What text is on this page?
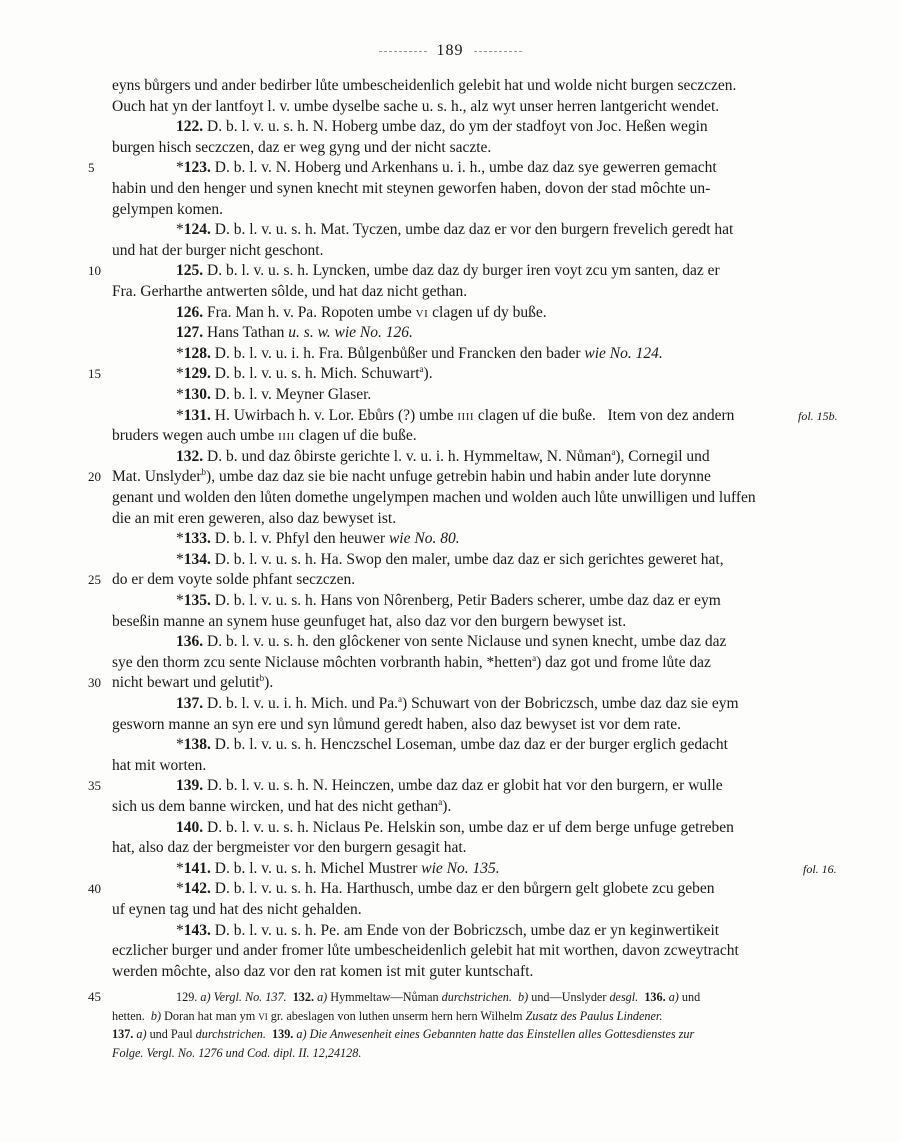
189
eyns bůrgers und ander bedirber lůte umbescheidenlich gelebit hat und wolde nicht burgen seczczen.
Ouch hat yn der lantfoyt l. v. umbe dyselbe sache u. s. h., alz wyt unser herren lantgericht wendet.
122. D. b. l. v. u. s. h. N. Hoberg umbe daz, do ym der stadfoyt von Joc. Heßen wegin
burgen hisch seczczen, daz er weg gyng und der nicht saczte.
*123. D. b. l. v. N. Hoberg und Arkenhans u. i. h., umbe daz daz sye gewerren gemacht
5
habin und den henger und synen knecht mit steynen geworfen haben, dovon der stad môchte un-
gelympen komen.
*124. D. b. l. v. u. s. h. Mat. Tyczen, umbe daz daz er vor den burgern frevelich geredt hat
und hat der burger nicht geschont.
125. D. b. l. v. u. s. h. Lyncken, umbe daz daz dy burger iren voyt zcu ym santen, daz er
10
Fra. Gerharthe antwerten sôlde, und hat daz nicht gethan.
126. Fra. Man h. v. Pa. Ropoten umbe VI clagen uf dy buße.
127. Hans Tathan u. s. w. wie No. 126.
*128. D. b. l. v. u. i. h. Fra. Bůlgenbůßer und Francken den bader wie No. 124.
*129. D. b. l. v. u. s. h. Mich. Schuwart$^a$).
15
*130. D. b. l. v. Meyner Glaser.
*131. H. Uwirbach h. v. Lor. Ebůrs (?) umbe IIII clagen uf die buße.   Item von dez andern
bruders wegen auch umbe IIII clagen uf die buße.
132. D. b. und daz ôbirste gerichte l. v. u. i. h. Hymmeltaw, N. Nůman$^a$), Cornegil und
Mat. Unslyder$^b$), umbe daz daz sie bie nacht unfuge getrebin habin und habin ander lute dorynne
20
genant und wolden den lůten domethe ungelympen machen und wolden auch lůte unwilligen und luffen
die an mit eren geweren, also daz bewyset ist.
*133. D. b. l. v. Phfyl den heuwer wie No. 80.
*134. D. b. l. v. u. s. h. Ha. Swop den maler, umbe daz daz er sich gerichtes geweret hat,
do er dem voyte solde phfant seczczen.
25
*135. D. b. l. v. u. s. h. Hans von Nôrenberg, Petir Baders scherer, umbe daz daz er eym
beseßin manne an synem huse geunfuget hat, also daz vor den burgern bewyset ist.
136. D. b. l. v. u. s. h. den glôckener von sente Niclause und synen knecht, umbe daz daz
sye den thorm zcu sente Niclause môchten vorbranth habin, *hetten$^a$) daz got und frome lůte daz
nicht bewart und gelutit$^b$).
30
137. D. b. l. v. u. i. h. Mich. und Pa.$^a$) Schuwart von der Bobriczsch, umbe daz daz sie eym
gesworn manne an syn ere und syn lůmund geredt haben, also daz bewyset ist vor dem rate.
*138. D. b. l. v. u. s. h. Henczschel Loseman, umbe daz daz er der burger erglich gedacht
hat mit worten.
139. D. b. l. v. u. s. h. N. Heinczen, umbe daz daz er globit hat vor den burgern, er wulle
35
sich us dem banne wircken, und hat des nicht gethan$^a$).
140. D. b. l. v. u. s. h. Niclaus Pe. Helskin son, umbe daz er uf dem berge unfuge getreben
hat, also daz der bergmeister vor den burgern gesagit hat.
*141. D. b. l. v. u. s. h. Michel Mustrer wie No. 135.
*142. D. b. l. v. u. s. h. Ha. Harthusch, umbe daz er den bůrgern gelt globete zcu geben
40
uf eynen tag und hat des nicht gehalden.
*143. D. b. l. v. u. s. h. Pe. am Ende von der Bobriczsch, umbe daz er yn keginwertikeit
eczlicher burger und ander fromer lůte umbescheidenlich gelebit hat mit worthen, davon zcweytracht
werden môchte, also daz vor den rat komen ist mit guter kuntschaft.
fol. 15b.
fol. 16.
129. a) Vergl. No. 137. 132. a) Hymmeltaw—Nůman durchstrichen. b) und—Unslyder desgl. 136. a) und
45
hetten.  b) Doran hat man ym VI gr. abeslagen von luthen unserm hern hern Wilhelm Zusatz des Paulus Lindener.
137. a) und Paul durchstrichen. 139. a) Die Anwesenheit eines Gebannten hatte das Einstellen alles Gottesdienstes zur
Folge. Vergl. No. 1276 und Cod. dipl. II. 12,24128.
